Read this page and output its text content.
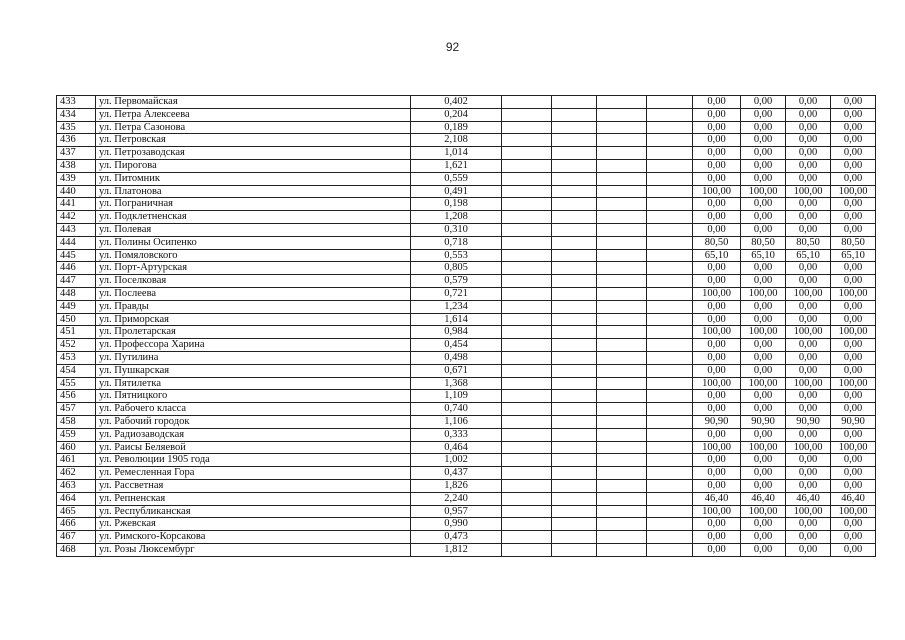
92
433	ул. Первомайская	0,402					0,00	0,00	0,00	0,00
434	ул. Петра Алексеева	0,204					0,00	0,00	0,00	0,00
435	ул. Петра Сазонова	0,189					0,00	0,00	0,00	0,00
436	ул. Петровская	2,108					0,00	0,00	0,00	0,00
437	ул. Петрозаводская	1,014					0,00	0,00	0,00	0,00
438	ул. Пирогова	1,621					0,00	0,00	0,00	0,00
439	ул. Питомник	0,559					0,00	0,00	0,00	0,00
440	ул. Платонова	0,491					100,00	100,00	100,00	100,00
441	ул. Пограничная	0,198					0,00	0,00	0,00	0,00
442	ул. Подклетненская	1,208					0,00	0,00	0,00	0,00
443	ул. Полевая	0,310					0,00	0,00	0,00	0,00
444	ул. Полины Осипенко	0,718					80,50	80,50	80,50	80,50
445	ул. Помяловского	0,553					65,10	65,10	65,10	65,10
446	ул. Порт-Артурская	0,805					0,00	0,00	0,00	0,00
447	ул. Поселковая	0,579					0,00	0,00	0,00	0,00
448	ул. Послеева	0,721					100,00	100,00	100,00	100,00
449	ул. Правды	1,234					0,00	0,00	0,00	0,00
450	ул. Приморская	1,614					0,00	0,00	0,00	0,00
451	ул. Пролетарская	0,984					100,00	100,00	100,00	100,00
452	ул. Профессора Харина	0,454					0,00	0,00	0,00	0,00
453	ул. Путилина	0,498					0,00	0,00	0,00	0,00
454	ул. Пушкарская	0,671					0,00	0,00	0,00	0,00
455	ул. Пятилетка	1,368					100,00	100,00	100,00	100,00
456	ул. Пятницкого	1,109					0,00	0,00	0,00	0,00
457	ул. Рабочего класса	0,740					0,00	0,00	0,00	0,00
458	ул. Рабочий городок	1,106					90,90	90,90	90,90	90,90
459	ул. Радиозаводская	0,333					0,00	0,00	0,00	0,00
460	ул. Раисы Беляевой	0,464					100,00	100,00	100,00	100,00
461	ул. Революции 1905 года	1,002					0,00	0,00	0,00	0,00
462	ул. Ремесленная Гора	0,437					0,00	0,00	0,00	0,00
463	ул. Рассветная	1,826					0,00	0,00	0,00	0,00
464	ул. Репненская	2,240					46,40	46,40	46,40	46,40
465	ул. Республиканская	0,957					100,00	100,00	100,00	100,00
466	ул. Ржевская	0,990					0,00	0,00	0,00	0,00
467	ул. Римского-Корсакова	0,473					0,00	0,00	0,00	0,00
468	ул. Розы Люксембург	1,812					0,00	0,00	0,00	0,00
